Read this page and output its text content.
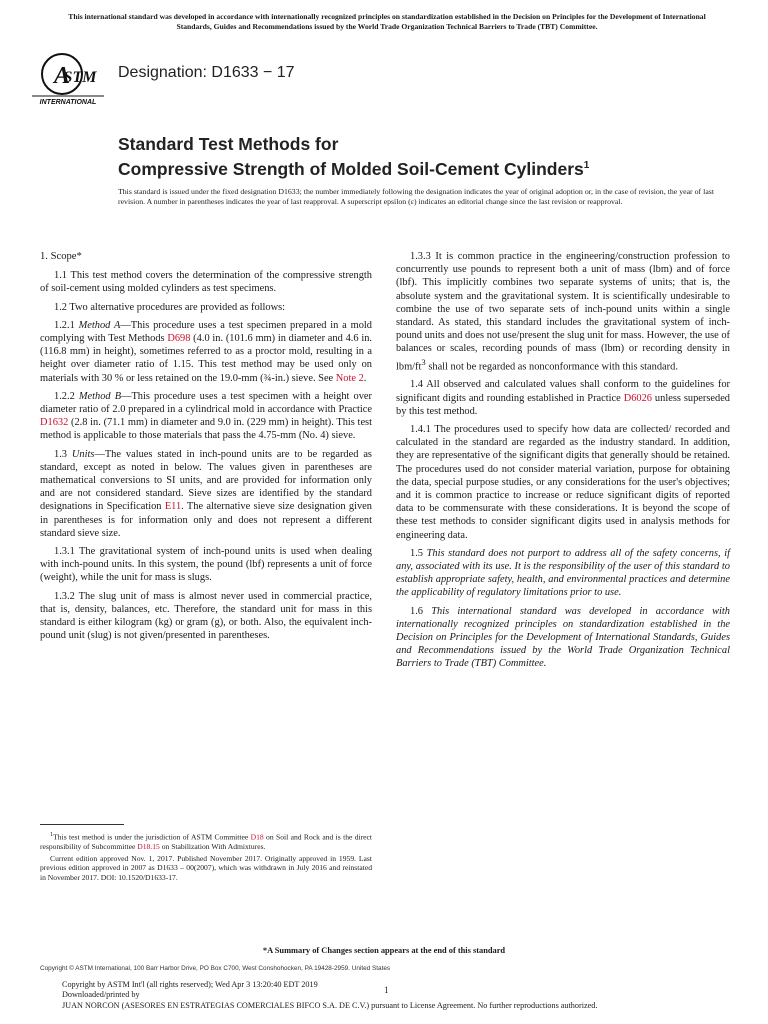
This international standard was developed in accordance with internationally recognized principles on standardization established in the Decision on Principles for the Development of International Standards, Guides and Recommendations issued by the World Trade Organization Technical Barriers to Trade (TBT) Committee.
A
STM
INTERNATIONAL
Designation: D1633 − 17
Standard Test Methods for
Compressive Strength of Molded Soil-Cement Cylinders$^1$
This standard is issued under the fixed designation D1633; the number immediately following the designation indicates the year of original adoption or, in the case of revision, the year of last revision. A number in parentheses indicates the year of last reapproval. A superscript epsilon (ε) indicates an editorial change since the last revision or reapproval.
1. Scope*

1.1 This test method covers the determination of the compressive strength of soil-cement using molded cylinders as test specimens.

1.2 Two alternative procedures are provided as follows:

1.2.1 Method A—This procedure uses a test specimen prepared in a mold complying with Test Methods D698 (4.0 in. (101.6 mm) in diameter and 4.6 in. (116.8 mm) in height), sometimes referred to as a proctor mold, resulting in a height over diameter ratio of 1.15. This test method may be used only on materials with 30 % or less retained on the 19.0-mm (¾-in.) sieve. See Note 2.

1.2.2 Method B—This procedure uses a test specimen with a height over diameter ratio of 2.0 prepared in a cylindrical mold in accordance with Practice D1632 (2.8 in. (71.1 mm) in diameter and 9.0 in. (229 mm) in height). This test method is applicable to those materials that pass the 4.75-mm (No. 4) sieve.

1.3 Units—The values stated in inch-pound units are to be regarded as standard, except as noted in below. The values given in parentheses are mathematical conversions to SI units, and are provided for information only and are not considered standard. Sieve sizes are identified by the standard designations in Specification E11. The alternative sieve size designation given in parentheses is for information only and does not represent a different standard sieve size.

1.3.1 The gravitational system of inch-pound units is used when dealing with inch-pound units. In this system, the pound (lbf) represents a unit of force (weight), while the unit for mass is slugs.

1.3.2 The slug unit of mass is almost never used in commercial practice, that is, density, balances, etc. Therefore, the standard unit for mass in this standard is either kilogram (kg) or gram (g), or both. Also, the equivalent inch-pound unit (slug) is not given/presented in parentheses.

1.3.3 It is common practice in the engineering/construction profession to concurrently use pounds to represent both a unit of mass (lbm) and of force (lbf). This implicitly combines two separate systems of units; that is, the absolute system and the gravitational system. It is scientifically undesirable to combine the use of two separate sets of inch-pound units within a single standard. As stated, this standard includes the gravitational system of inch-pound units and does not use/present the slug unit for mass. However, the use of balances or scales, recording pounds of mass (lbm) or recording density in lbm/$ft^3$ shall not be regarded as nonconformance with this standard.

1.4 All observed and calculated values shall conform to the guidelines for significant digits and rounding established in Practice D6026 unless superseded by this test method.

1.4.1 The procedures used to specify how data are collected/ recorded and calculated in the standard are regarded as the industry standard. In addition, they are representative of the significant digits that generally should be retained. The procedures used do not consider material variation, purpose for obtaining the data, special purpose studies, or any considerations for the user's objectives; and it is common practice to increase or reduce significant digits of reported data to be commensurate with these considerations. It is beyond the scope of these test methods to consider significant digits used in analysis methods for engineering data.

1.5 This standard does not purport to address all of the safety concerns, if any, associated with its use. It is the responsibility of the user of this standard to establish appropriate safety, health, and environmental practices and determine the applicability of regulatory limitations prior to use.

1.6 This international standard was developed in accordance with internationally recognized principles on standardization established in the Decision on Principles for the Development of International Standards, Guides and Recommendations issued by the World Trade Organization Technical Barriers to Trade (TBT) Committee.

$^1$This test method is under the jurisdiction of ASTM Committee D18 on Soil and Rock and is the direct responsibility of Subcommittee D18.15 on Stabilization With Admixtures.

Current edition approved Nov. 1, 2017. Published November 2017. Originally approved in 1959. Last previous edition approved in 2007 as D1633 – 00(2007), which was withdrawn in July 2016 and reinstated in November 2017. DOI: 10.1520/D1633-17.

*A Summary of Changes section appears at the end of this standard
Copyright © ASTM International, 100 Barr Harbor Drive, PO Box C700, West Conshohocken, PA 19428-2959. United States
Copyright by ASTM Int'l (all rights reserved); Wed Apr 3 13:20:40 EDT 2019
Downloaded/printed by
JUAN NORCON (ASESORES EN ESTRATEGIAS COMERCIALES BIFCO S.A. DE C.V.) pursuant to License Agreement. No further reproductions authorized.
1
